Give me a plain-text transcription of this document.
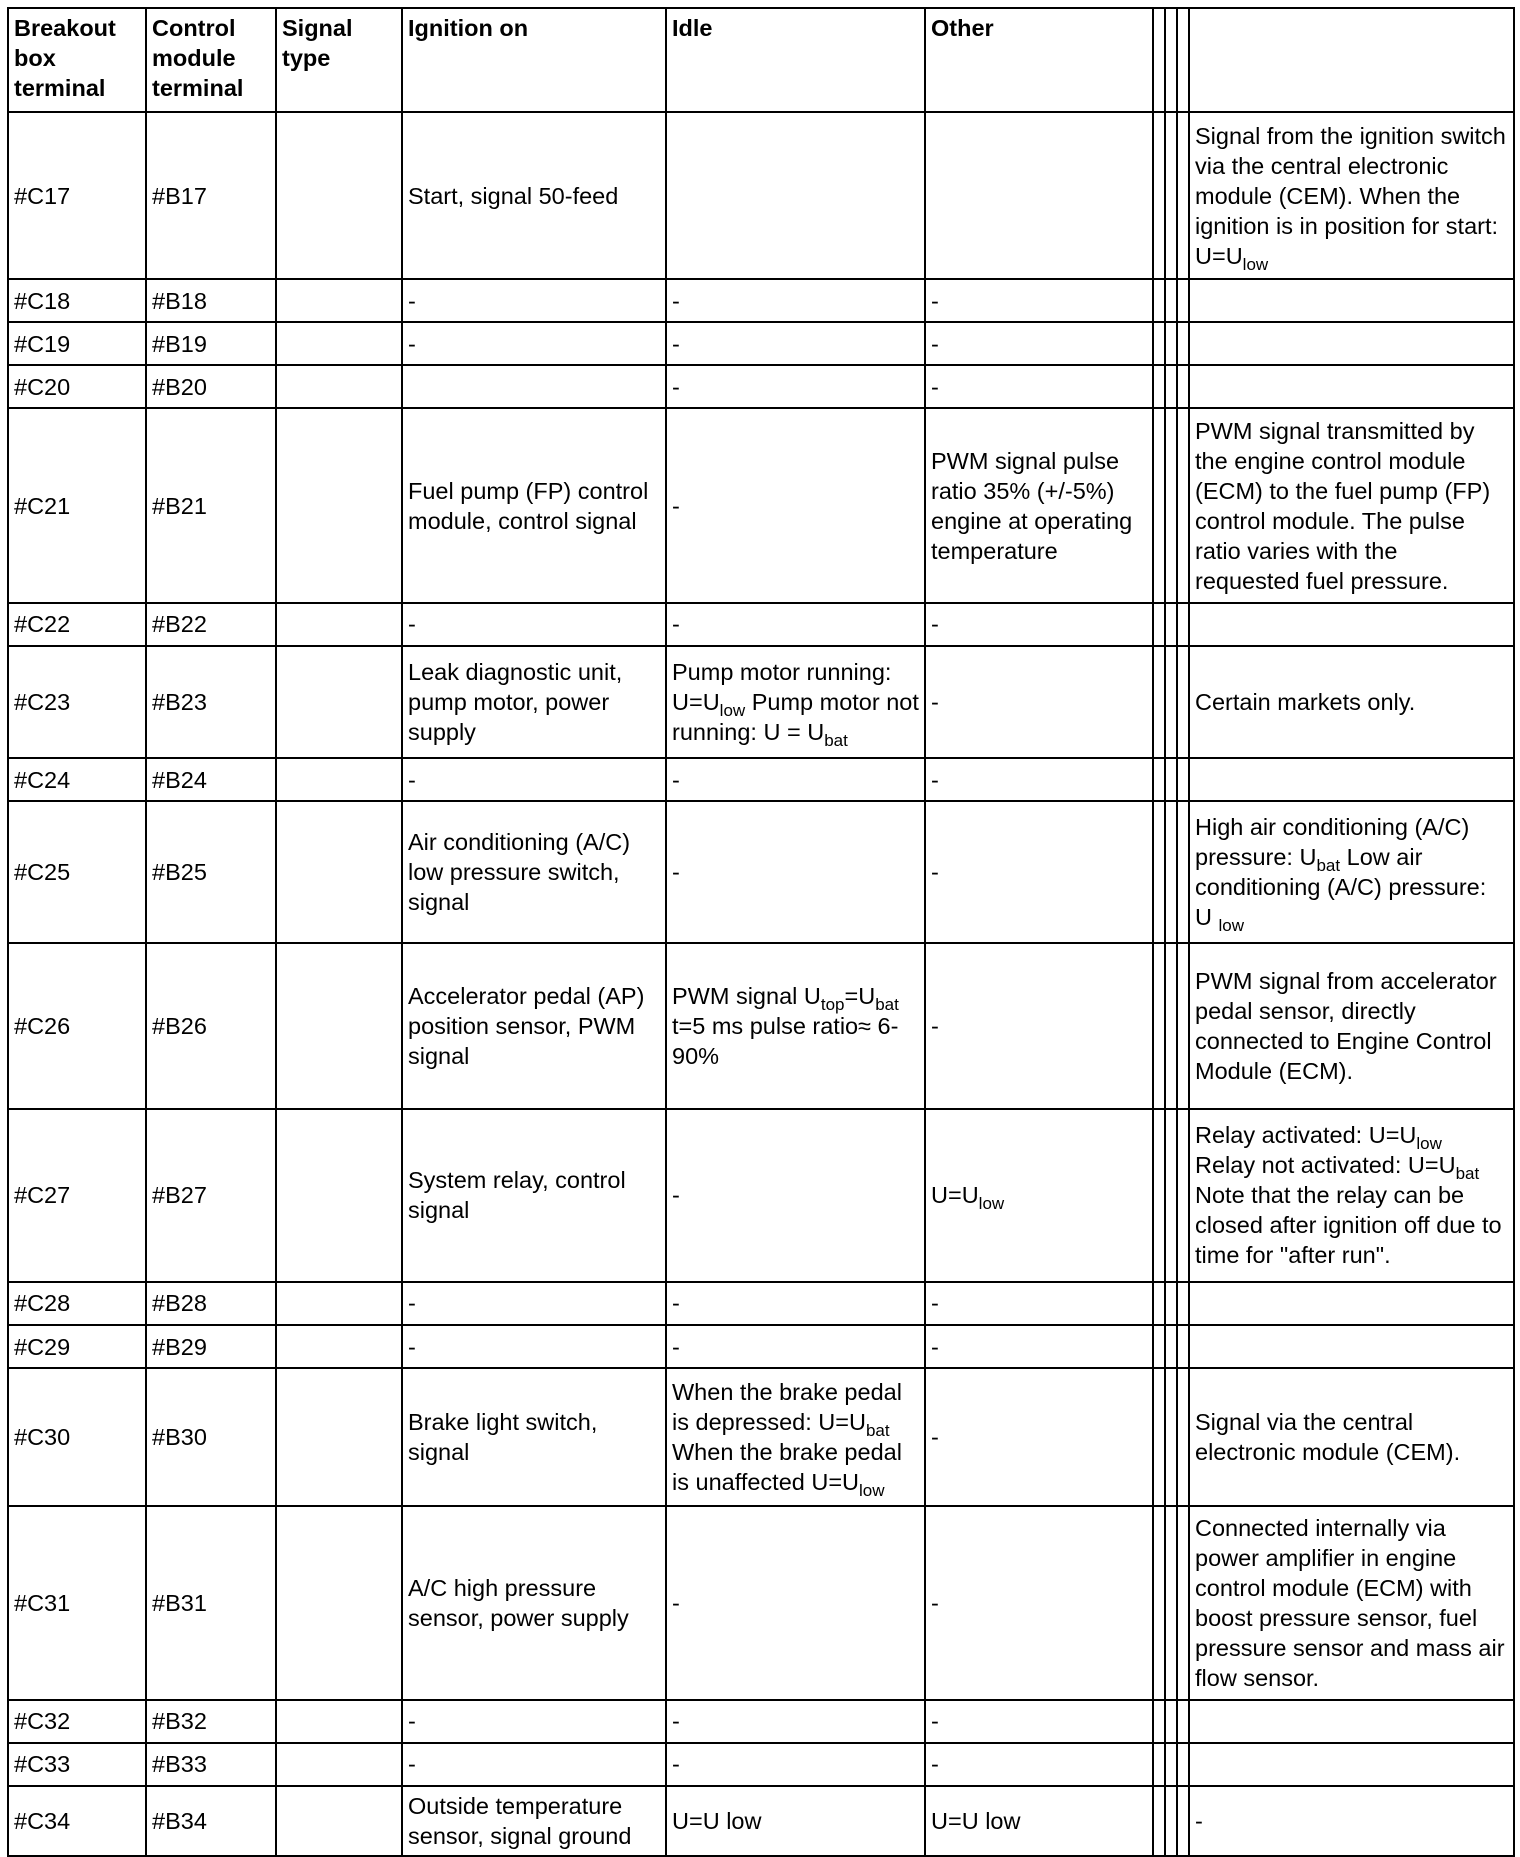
Breakout box terminal	Control module terminal	Signal type	Ignition on	Idle	Other				
#C17	#B17		Start, signal 50-feed						Signal from the ignition switch via the central electronic module (CEM). When the ignition is in position for start: $U=U_{low}$
#C18	#B18		-	-	-				
#C19	#B19		-	-	-				
#C20	#B20			-	-				
#C21	#B21		Fuel pump (FP) control module, control signal	-	PWM signal pulse ratio 35% (+/-5%) engine at operating temperature				PWM signal transmitted by the engine control module (ECM) to the fuel pump (FP) control module. The pulse ratio varies with the requested fuel pressure.
#C22	#B22		-	-	-				
#C23	#B23		Leak diagnostic unit, pump motor, power supply	Pump motor running: $U=U_{low}$ Pump motor not running: $U = U_{bat}$	-				Certain markets only.
#C24	#B24		-	-	-				
#C25	#B25		Air conditioning (A/C) low pressure switch, signal	-	-				High air conditioning (A/C) pressure: $U_{bat}$ Low air conditioning (A/C) pressure: U $_{low}$
#C26	#B26		Accelerator pedal (AP) position sensor, PWM signal	PWM signal $U_{top}=U_{bat}$ t=5 ms pulse ratio≈ 6-90%	-				PWM signal from accelerator pedal sensor, directly connected to Engine Control Module (ECM).
#C27	#B27		System relay, control signal	-	$U=U_{low}$				Relay activated: $U=U_{low}$
Relay not activated: $U=U_{bat}$
Note that the relay can be closed after ignition off due to time for "after run".

#C28	#B28		-	-	-				
#C29	#B29		-	-	-				
#C30	#B30		Brake light switch, signal	When the brake pedal is depressed: $U=U_{bat}$
When the brake pedal is unaffected $U=U_{low}$	-				Signal via the central electronic module (CEM).
#C31	#B31		A/C high pressure sensor, power supply	-	-				Connected internally via power amplifier in engine control module (ECM) with boost pressure sensor, fuel pressure sensor and mass air flow sensor.
#C32	#B32		-	-	-				
#C33	#B33		-	-	-				
#C34	#B34		Outside temperature sensor, signal ground	U=U low	U=U low				-
